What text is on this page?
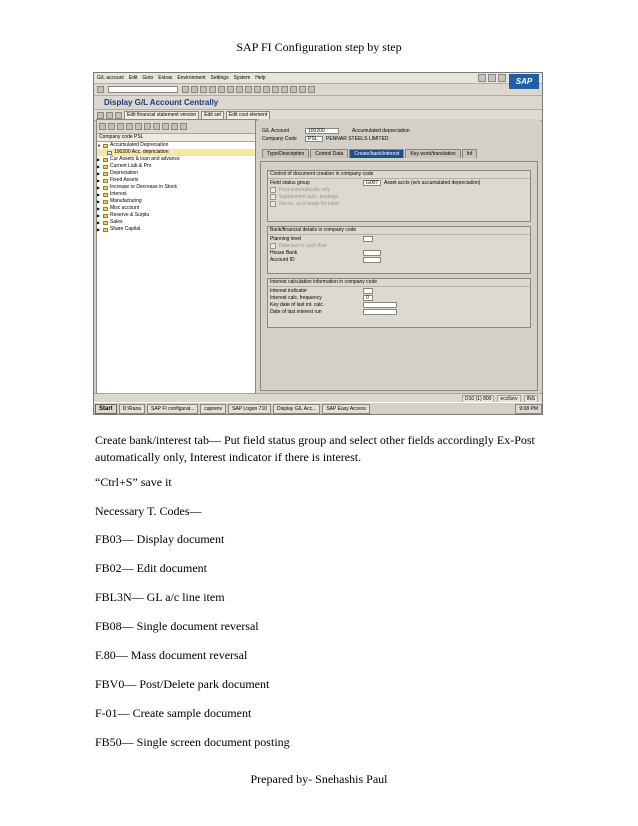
SAP FI Configuration step by step
G/L account Edit Goto Extras Environment Settings System Help	SAP
Display G/L Account Centrally
Edit financial statement version	Edit set	Edit cost element
Company code PSL
▼ Accumulated Depreciation
100200 Acc. depriciation
▶ Cur Assets & loan and advance
▶ Current Liab & Pro
▶ Depreciation
▶ Fixed Assets
▶ Increase or Decrease in Stock
▶ Interest
▶ Manufacturing
▶ Misc account
▶ Reserve & Surplu
▶ Sales
▶ Share Capital
G/L Account	100200	Accumulated depreciation
Company Code	PSL	PENNAR STEELS LIMITED
Type/Description	Control Data	Create/bank/interest	Key word/translation	Inf
Control of document creation in company code
Field status group	G007	Asset accts (w/o accumulated depreciation)
Post automatically only
Supplement auto. postings
Recon. acct ready for input
Bank/financial details in company code
Planning level
Relevant to cash flow
House Bank
Account ID
Interest calculation information in company code
Interest indicator
Interest calc. frequency	0
Key date of last int. calc.
Date of last interest run
D10 (1) 800	ecc6srv	INS
Start	D:\Rana	SAP FI configurat...	caprenv	SAP Logon 710	Display G/L Acc...	SAP Easy Access	9:08 PM

Create bank/interest tab— Put field status group and select other fields accordingly Ex-Post automatically only, Interest indicator if there is interest.

“Ctrl+S” save it
Necessary T. Codes—
FB03— Display document
FB02— Edit document
FBL3N— GL a/c line item
FB08— Single document reversal
F.80— Mass document reversal
FBV0— Post/Delete park document
F-01— Create sample document
FB50— Single screen document posting
Prepared by- Snehashis Paul
